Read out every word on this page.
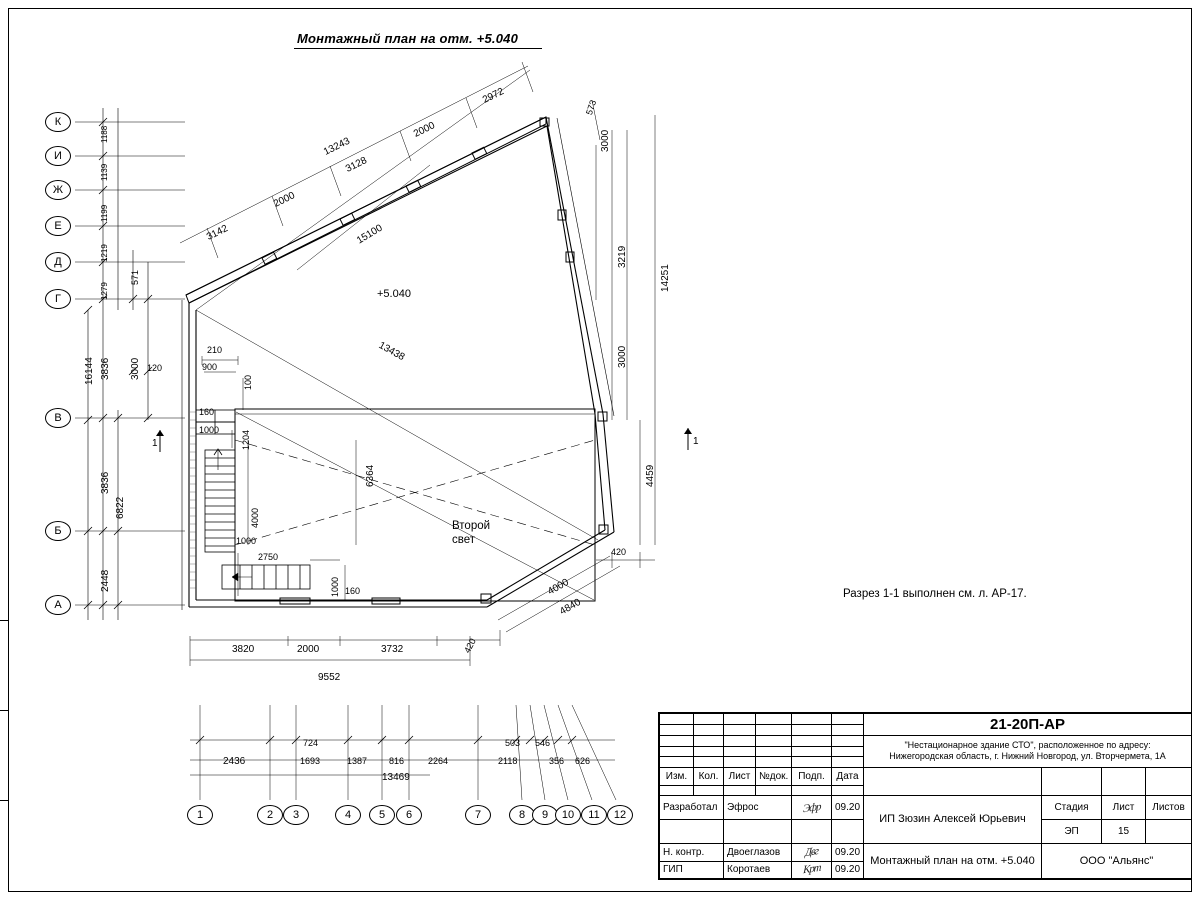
Монтажный план на отм. +5.040
Разрез 1-1 выполнен см. л. АР-17.
+5.040
Второй
свет
К
И
Ж
Е
Д
Г
В
Б
А
1	2	3	4	5	6	7	8	9	10	11	12
3142
2000
3128
2000
2972
13243
15100
13438
6364
573
3000
3219
3000
4459
14251
420
1188
1139
1199
1219
1279
571
3836 3000
16144
3836
6822
2448
210
120	900
100
160
1000 1204
4000
1000
2750
1000 160
3820	2000	3732	420
9552
4000
4840
2436
724
1693	1387 816	2264	2118
503
356 626
546
13469
1	1
						21-20П-АР			

						"Нестационарное здание СТО", расположенное по адресу:
Нижегородская область, г. Нижний Новгород, ул. Вторчермета, 1А			

Изм.	Кол.	Лист	№док.	Подп.	Дата				

Разработал		Эфрос		Эфр	09.20	ИП Зюзин Алексей Юрьевич	Стадия	Лист	Листов
							ЭП	15	
Н. контр.		Двоеглазов		Двг	09.20	Монтажный план на отм. +5.040	ООО "Альянс"		
ГИП		Коротаев		Крт	09.20				
